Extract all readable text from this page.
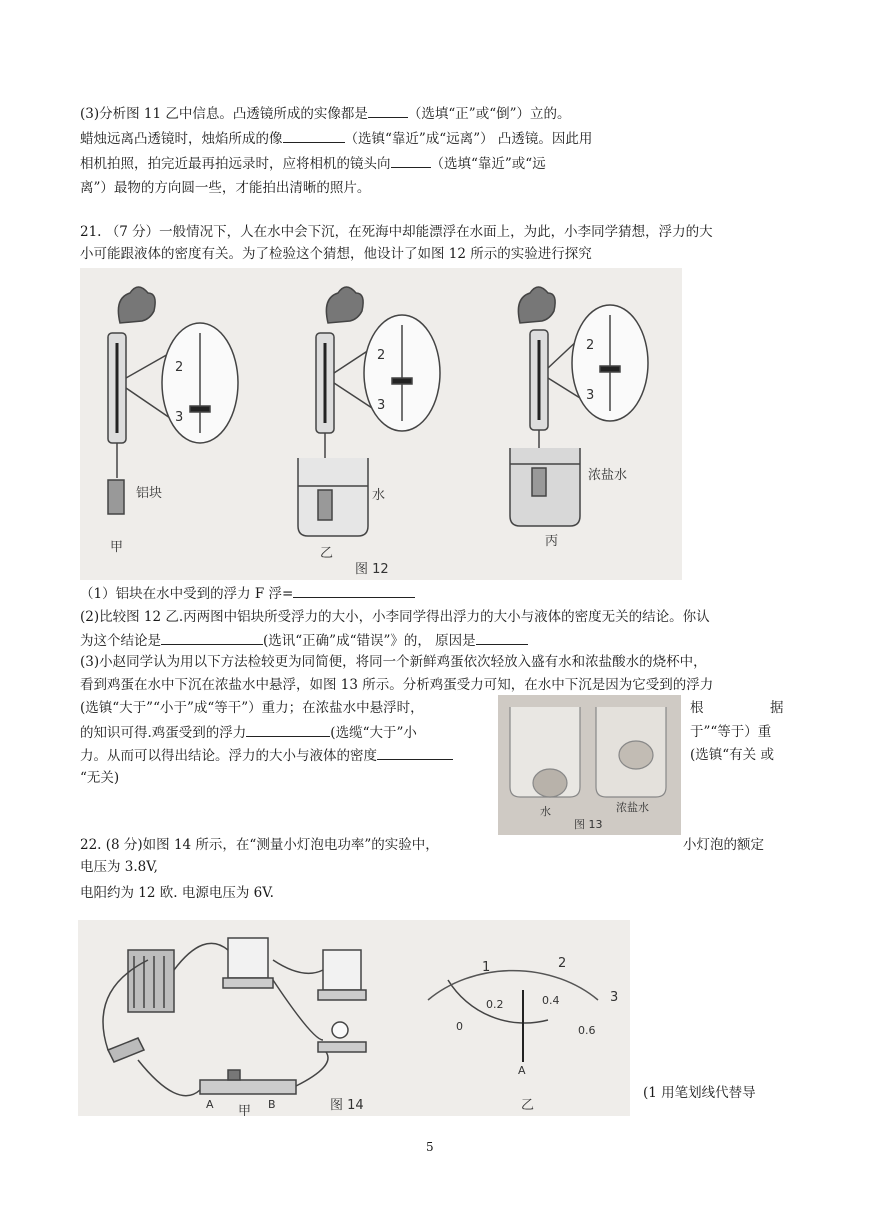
(3)分析图 11 乙中信息。凸透镜所成的实像都是	（选填“正”或“倒”）立的。
蜡烛远离凸透镜时，烛焰所成的像	（选镇“靠近”成“远离”） 凸透镜。因此用
相机拍照，拍完近最再拍远录时，应将相机的镜头向	（选填“靠近”或“远
离”）最物的方向圆一些，才能拍出清晰的照片。
21. （7 分）一般情况下，人在水中会下沉，在死海中却能漂浮在水面上，为此，小李同学猜想，浮力的大
小可能跟液体的密度有关。为了检验这个猜想，他设计了如图 12 所示的实验进行探究
2
3
2
3
2
3
铝块	水
浓盐水
甲	乙
丙
图 12
（1）铝块在水中受到的浮力 F 浮=
(2)比较图 12 乙.丙两图中铝块所受浮力的大小，小李同学得出浮力的大小与液体的密度无关的结论。你认
为这个结论是	(选讯“正确”成“错误”》的， 原因是
(3)小赵同学认为用以下方法检较更为同简便，将同一个新鲜鸡蛋依次轻放入盛有水和浓盐酸水的烧杯中，
看到鸡蛋在水中下沉在浓盐水中悬浮，如图 13 所示。分析鸡蛋受力可知，在水中下沉是因为它受到的浮力
(选镇“大于”“小于”成“等干”）重力；在浓盐水中悬浮时，	根	据
的知识可得.鸡蛋受到的浮力	(选缆“大于”小	于”“等于）重
力。从而可以得出结论。浮力的大小与液体的密度	(选镇“有关 或
“无关)
水	浓盐水
图 13
22. (8 分)如图 14 所示，在“测量小灯泡电功率”的实验中，	小灯泡的额定
电压为 3.8V,
电阳约为 12 欧. 电源电压为 6V.
A	B
甲	图 14	乙
1	2
3
0
0.2	0.4
0.6
A
(1 用笔划线代替导
5
